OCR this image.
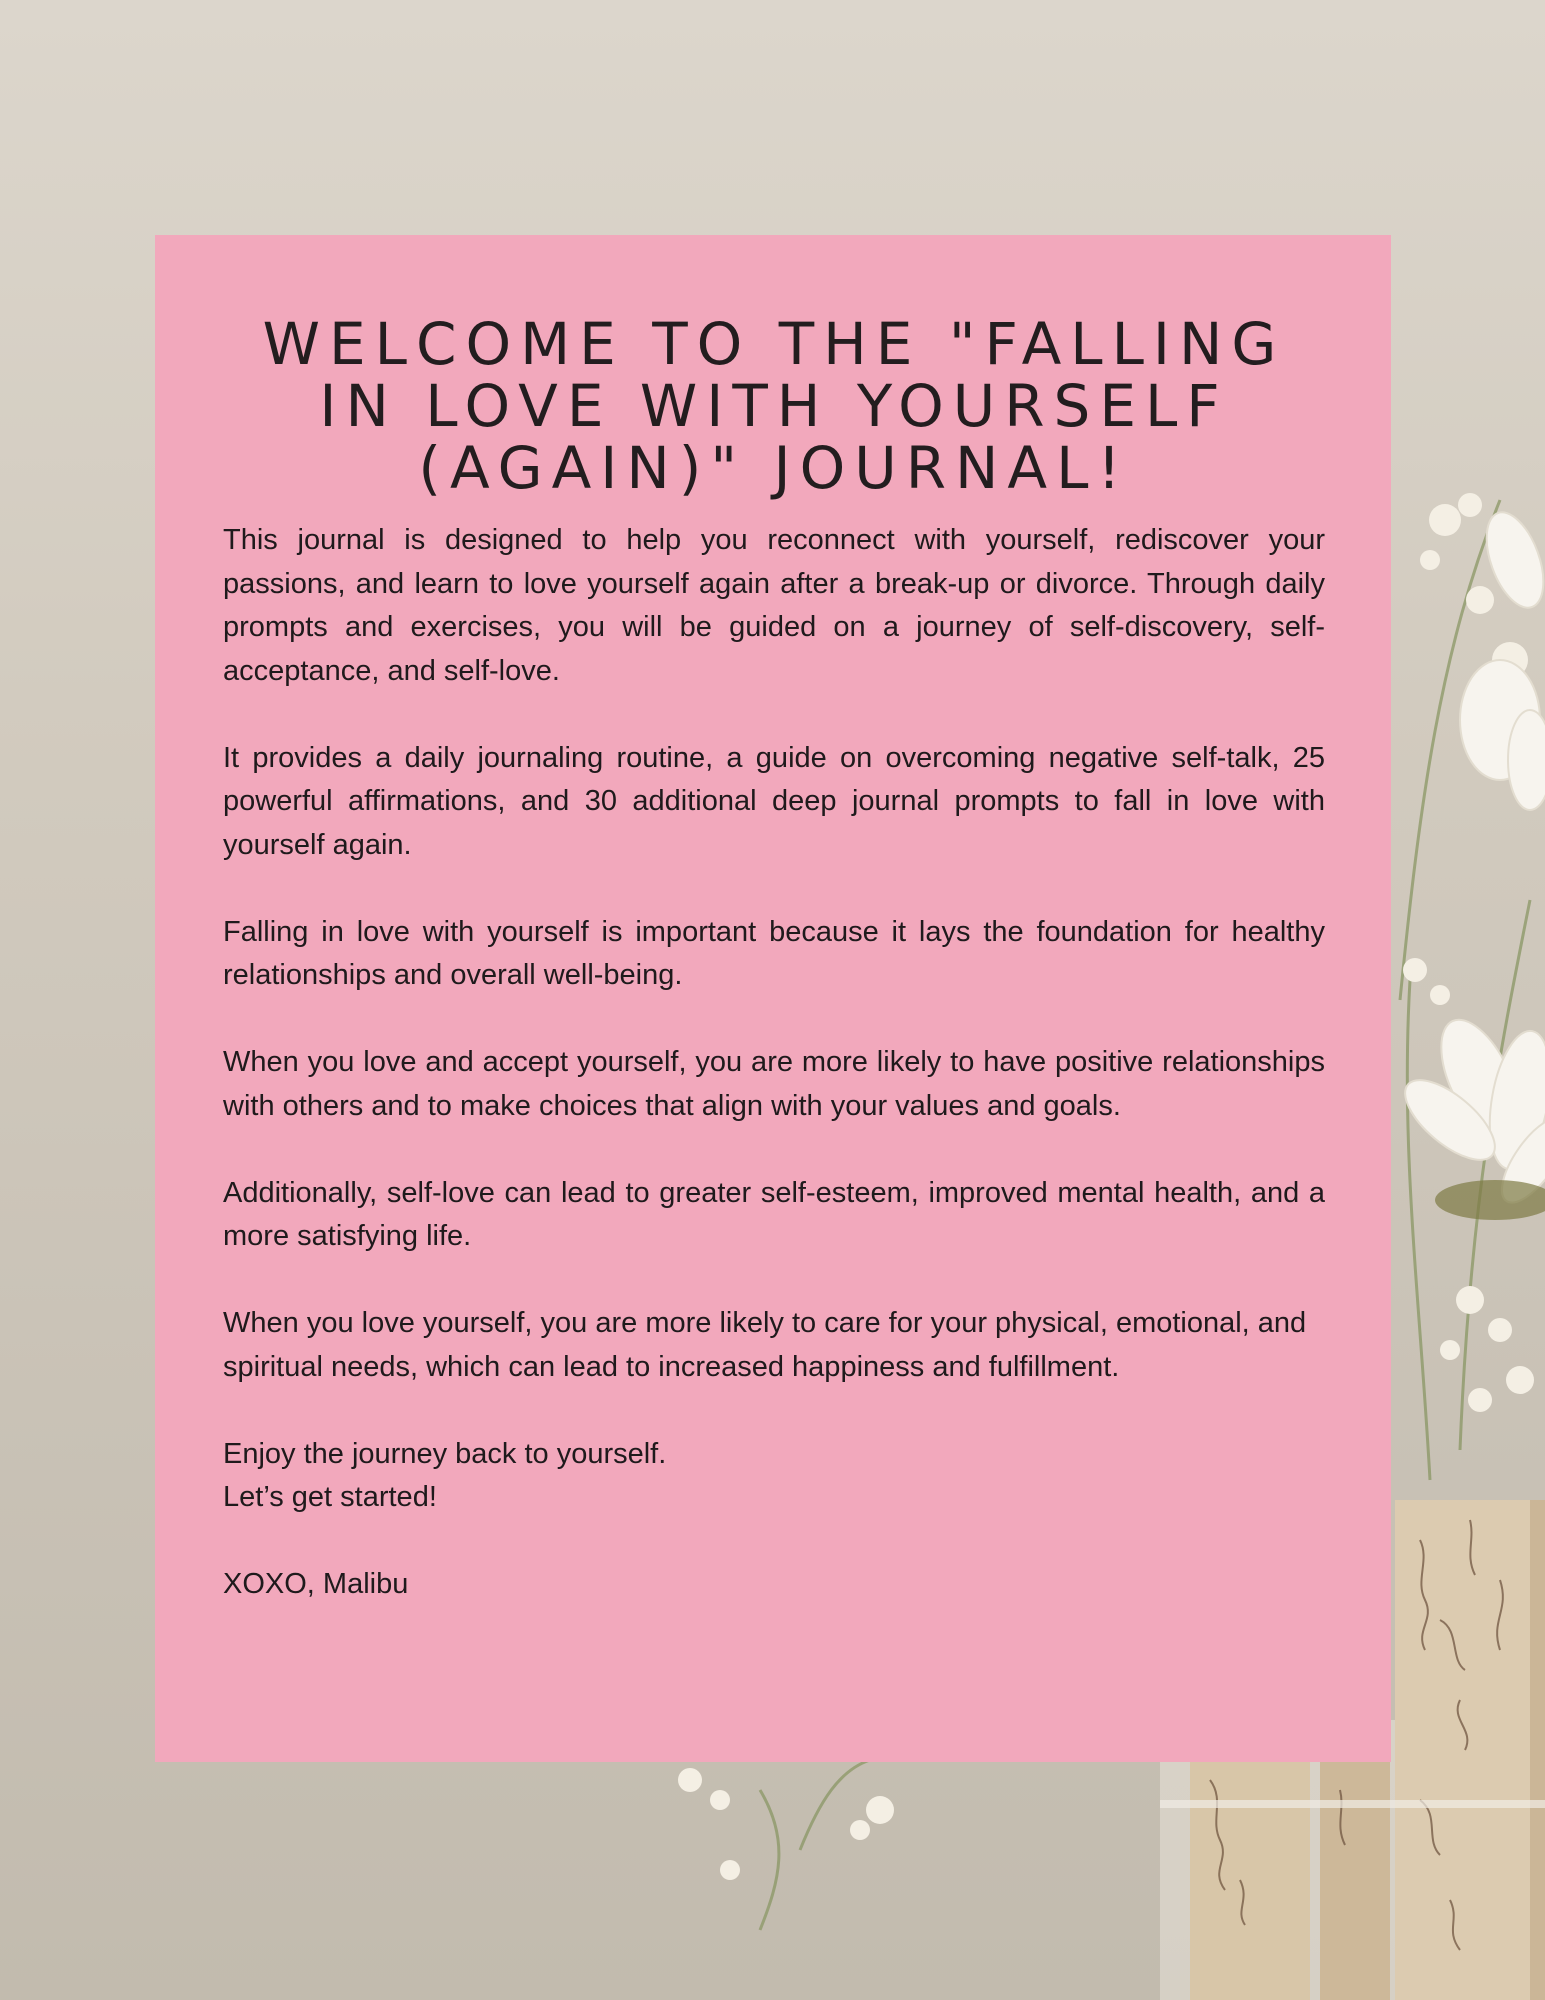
WELCOME TO THE "FALLING IN LOVE WITH YOURSELF (AGAIN)" JOURNAL!

This journal is designed to help you reconnect with yourself, rediscover your passions, and learn to love yourself again after a break-up or divorce. Through daily prompts and exercises, you will be guided on a journey of self-discovery, self-acceptance, and self-love.

It provides a daily journaling routine, a guide on overcoming negative self-talk, 25 powerful affirmations, and 30 additional deep journal prompts to fall in love with yourself again.

Falling in love with yourself is important because it lays the foundation for healthy relationships and overall well-being.

When you love and accept yourself, you are more likely to have positive relationships with others and to make choices that align with your values and goals.

Additionally, self-love can lead to greater self-esteem, improved mental health, and a more satisfying life.

When you love yourself, you are more likely to care for your physical, emotional, and spiritual needs, which can lead to increased happiness and fulfillment.

Enjoy the journey back to yourself.
Let’s get started!

XOXO, Malibu
